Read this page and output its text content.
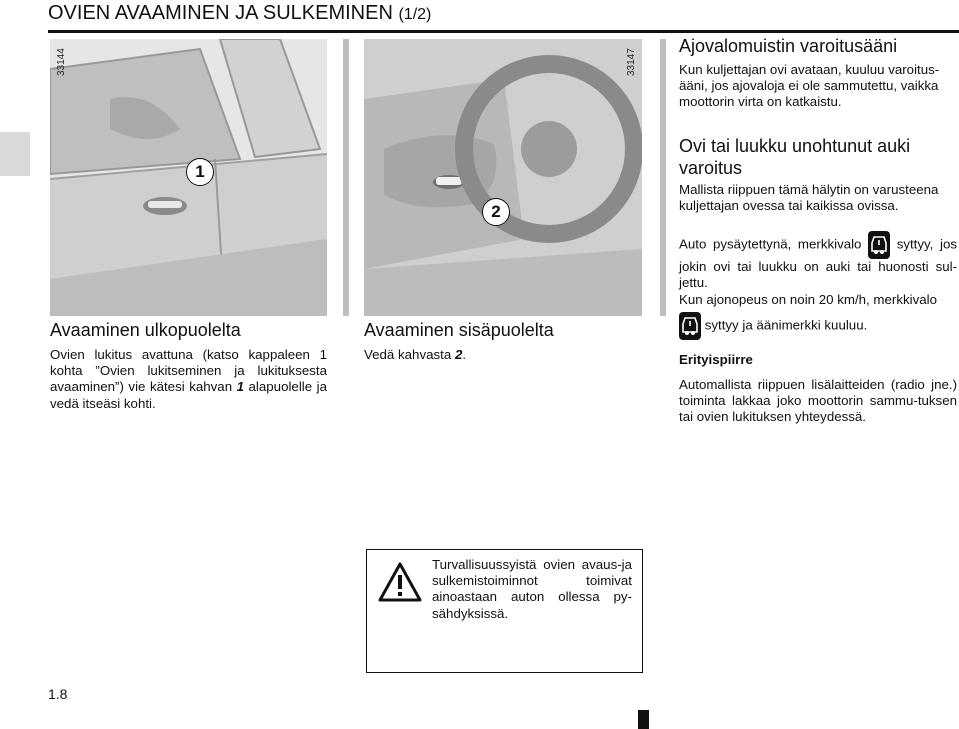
OVIEN AVAAMINEN JA SULKEMINEN (1/2)
1
33144
2
33147
Avaaminen ulkopuolelta
Ovien lukitus avattuna (katso kappaleen 1 kohta ”Ovien lukitseminen ja lukituksesta avaaminen”) vie kätesi kahvan 1 alapuolelle ja vedä itseäsi kohti.
Avaaminen sisäpuolelta
Vedä kahvasta 2.
Ajovalomuistin varoitusääni
Kun kuljettajan ovi avataan, kuuluu varoitus-ääni, jos ajovaloja ei ole sammutettu, vaikka moottorin virta on katkaistu.
Ovi tai luukku unohtunut auki
varoitus
Mallista riippuen tämä hälytin on varusteena kuljettajan ovessa tai kaikissa ovissa.
Auto pysäytettynä, merkkivalo	syttyy, jos jokin ovi tai luukku on auki tai huonosti sul-jettu.
Kun ajonopeus on noin 20 km/h, merkkivalo
syttyy ja äänimerkki kuuluu.
Erityispiirre
Automallista riippuen lisälaitteiden (radio jne.) toiminta lakkaa joko moottorin sammu-tuksen tai ovien lukituksen yhteydessä.
Turvallisuussyistä ovien avaus-ja sulkemistoiminnot toimivat ainoastaan auton ollessa py-sähdyksissä.
1.8
